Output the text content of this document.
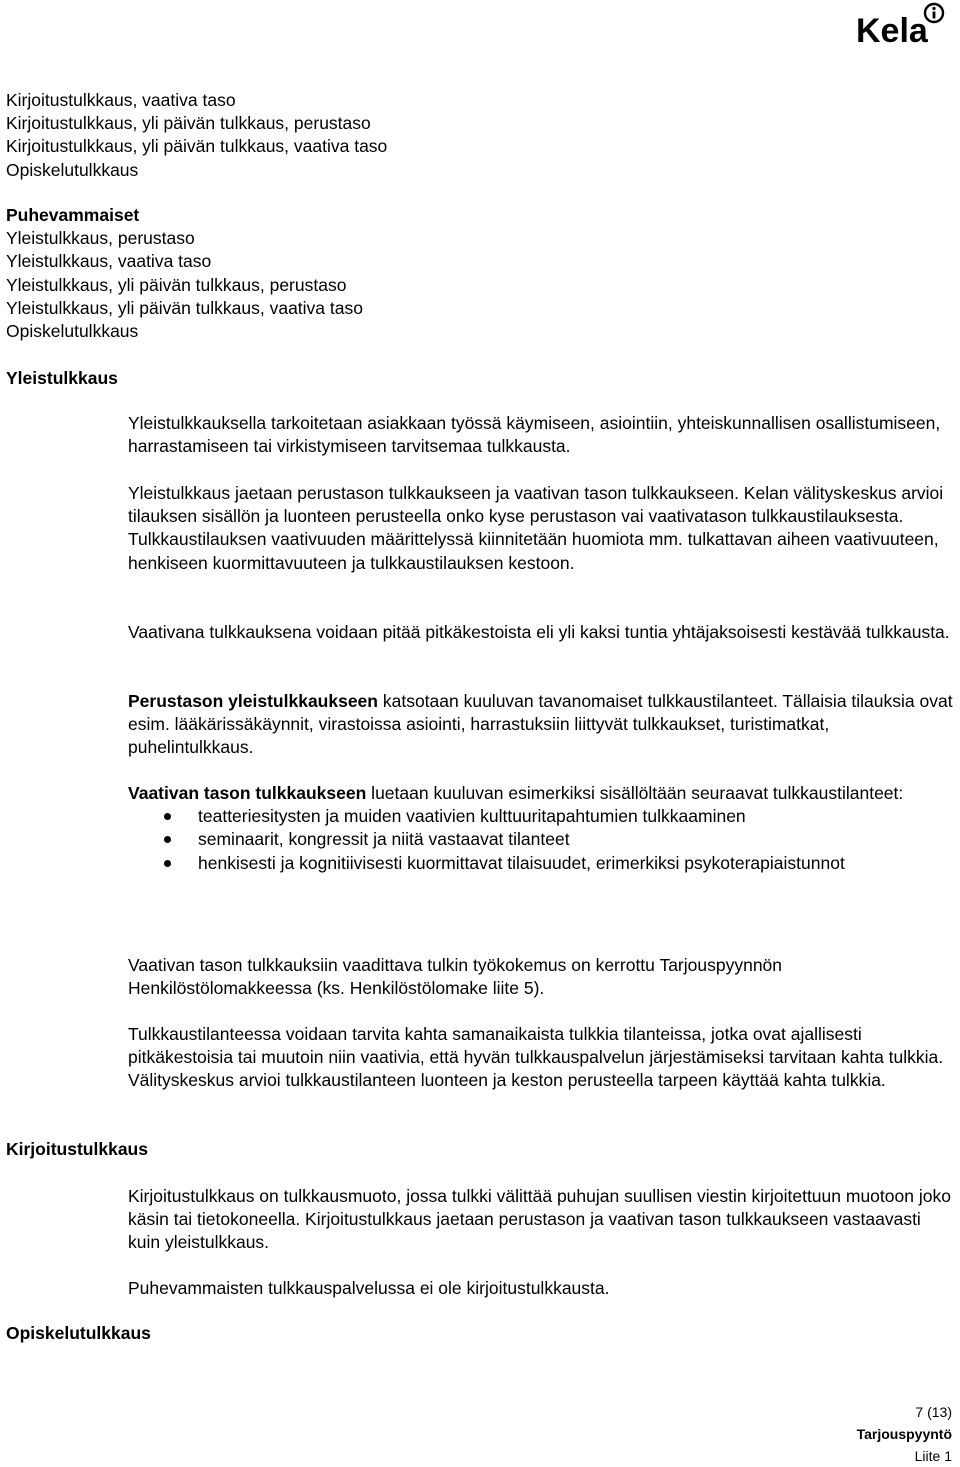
Kela
Kirjoitustulkkaus, vaativa taso
Kirjoitustulkkaus, yli päivän tulkkaus, perustaso
Kirjoitustulkkaus, yli päivän tulkkaus, vaativa taso
Opiskelutulkkaus
Puhevammaiset
Yleistulkkaus, perustaso
Yleistulkkaus, vaativa taso
Yleistulkkaus, yli päivän tulkkaus, perustaso
Yleistulkkaus, yli päivän tulkkaus, vaativa taso
Opiskelutulkkaus
Yleistulkkaus

Yleistulkkauksella tarkoitetaan asiakkaan työssä käymiseen, asiointiin, yhteiskunnallisen osallistumiseen, harrastamiseen tai virkistymiseen tarvitsemaa tulkkausta.

Yleistulkkaus jaetaan perustason tulkkaukseen ja vaativan tason tulkkaukseen. Kelan välityskeskus arvioi tilauksen sisällön ja luonteen perusteella onko kyse perustason vai vaativatason tulkkaustilauksesta. Tulkkaustilauksen vaativuuden määrittelyssä kiinnitetään huomiota mm. tulkattavan aiheen vaativuuteen, henkiseen kuormittavuuteen ja tulkkaustilauksen kestoon.

Vaativana tulkkauksena voidaan pitää pitkäkestoista eli yli kaksi tuntia yhtäjaksoisesti kestävää tulkkausta.

Perustason yleistulkkaukseen katsotaan kuuluvan tavanomaiset tulkkaustilanteet. Tällaisia tilauksia ovat esim. lääkärissäkäynnit, virastoissa asiointi, harrastuksiin liittyvät tulkkaukset, turistimatkat, puhelintulkkaus.

Vaativan tason tulkkaukseen luetaan kuuluvan esimerkiksi sisällöltään seuraavat tulkkaustilanteet:

teatteriesitysten ja muiden vaativien kulttuuritapahtumien tulkkaaminen
seminaarit, kongressit ja niitä vastaavat tilanteet
henkisesti ja kognitiivisesti kuormittavat tilaisuudet, erimerkiksi psykoterapiaistunnot

Vaativan tason tulkkauksiin vaadittava tulkin työkokemus on kerrottu Tarjouspyynnön Henkilöstölomakkeessa (ks. Henkilöstölomake liite 5).

Tulkkaustilanteessa voidaan tarvita kahta samanaikaista tulkkia tilanteissa, jotka ovat ajallisesti pitkäkestoisia tai muutoin niin vaativia, että hyvän tulkkauspalvelun järjestämiseksi tarvitaan kahta tulkkia. Välityskeskus arvioi tulkkaustilanteen luonteen ja keston perusteella tarpeen käyttää kahta tulkkia.

Kirjoitustulkkaus

Kirjoitustulkkaus on tulkkausmuoto, jossa tulkki välittää puhujan suullisen viestin kirjoitettuun muotoon joko käsin tai tietokoneella. Kirjoitustulkkaus jaetaan perustason ja vaativan tason tulkkaukseen vastaavasti kuin yleistulkkaus.

Puhevammaisten tulkkauspalvelussa ei ole kirjoitustulkkausta.

Opiskelutulkkaus
7 (13)
Tarjouspyyntö
Liite 1
